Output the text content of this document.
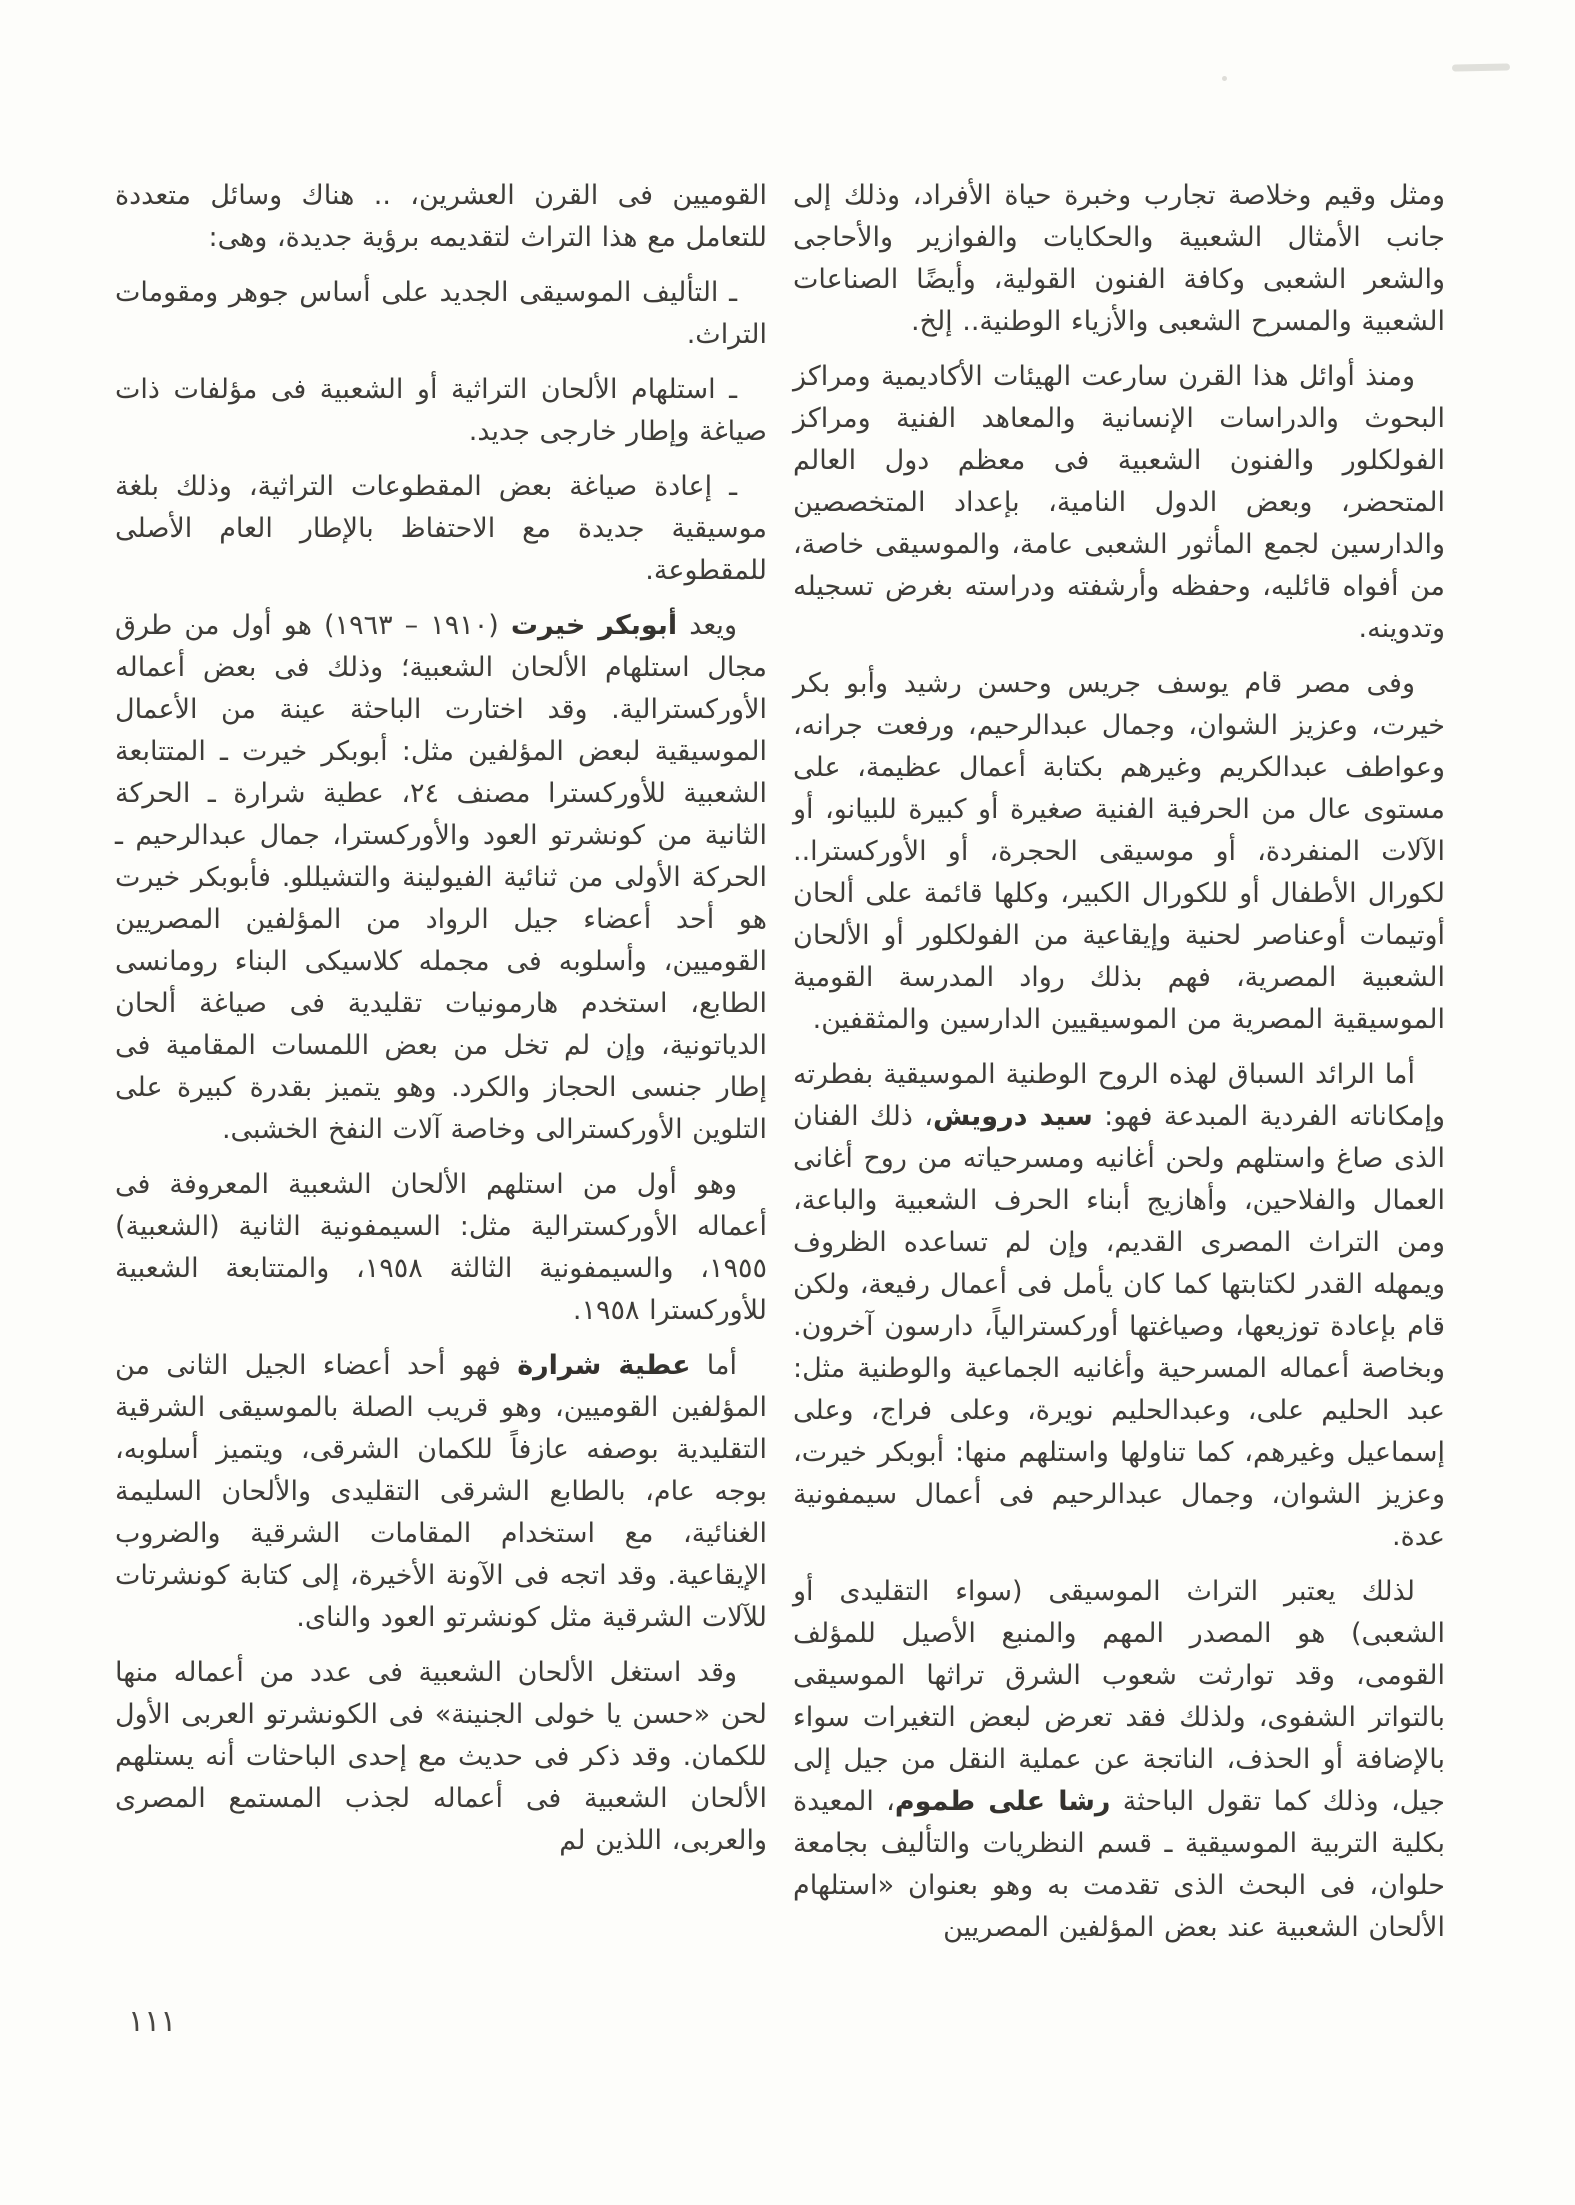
ومثل وقيم وخلاصة تجارب وخبرة حياة الأفراد، وذلك إلى جانب الأمثال الشعبية والحكايات والفوازير والأحاجى والشعر الشعبى وكافة الفنون القولية، وأيضًا الصناعات الشعبية والمسرح الشعبى والأزياء الوطنية.. إلخ.

ومنذ أوائل هذا القرن سارعت الهيئات الأكاديمية ومراكز البحوث والدراسات الإنسانية والمعاهد الفنية ومراكز الفولكلور والفنون الشعبية فى معظم دول العالم المتحضر، وبعض الدول النامية، بإعداد المتخصصين والدارسين لجمع المأثور الشعبى عامة، والموسيقى خاصة، من أفواه قائليه، وحفظه وأرشفته ودراسته بغرض تسجيله وتدوينه.

وفى مصر قام يوسف جريس وحسن رشيد وأبو بكر خيرت، وعزيز الشوان، وجمال عبدالرحيم، ورفعت جرانه، وعواطف عبدالكريم وغيرهم بكتابة أعمال عظيمة، على مستوى عال من الحرفية الفنية صغيرة أو كبيرة للبيانو، أو الآلات المنفردة، أو موسيقى الحجرة، أو الأوركسترا.. لكورال الأطفال أو للكورال الكبير، وكلها قائمة على ألحان أوتيمات أوعناصر لحنية وإيقاعية من الفولكلور أو الألحان الشعبية المصرية، فهم بذلك رواد المدرسة القومية الموسيقية المصرية من الموسيقيين الدارسين والمثقفين.

أما الرائد السباق لهذه الروح الوطنية الموسيقية بفطرته وإمكاناته الفردية المبدعة فهو: سيد درويش، ذلك الفنان الذى صاغ واستلهم ولحن أغانيه ومسرحياته من روح أغانى العمال والفلاحين، وأهازيج أبناء الحرف الشعبية والباعة، ومن التراث المصرى القديم، وإن لم تساعده الظروف ويمهله القدر لكتابتها كما كان يأمل فى أعمال رفيعة، ولكن قام بإعادة توزيعها، وصياغتها أوركسترالياً، دارسون آخرون. وبخاصة أعماله المسرحية وأغانيه الجماعية والوطنية مثل: عبد الحليم على، وعبدالحليم نويرة، وعلى فراج، وعلى إسماعيل وغيرهم، كما تناولها واستلهم منها: أبوبكر خيرت، وعزيز الشوان، وجمال عبدالرحيم فى أعمال سيمفونية عدة.

لذلك يعتبر التراث الموسيقى (سواء التقليدى أو الشعبى) هو المصدر المهم والمنبع الأصيل للمؤلف القومى، وقد توارثت شعوب الشرق تراثها الموسيقى بالتواتر الشفوى، ولذلك فقد تعرض لبعض التغيرات سواء بالإضافة أو الحذف، الناتجة عن عملية النقل من جيل إلى جيل، وذلك كما تقول الباحثة رشا على طموم، المعيدة بكلية التربية الموسيقية ـ قسم النظريات والتأليف بجامعة حلوان، فى البحث الذى تقدمت به وهو بعنوان «استلهام الألحان الشعبية عند بعض المؤلفين المصريين

القوميين فى القرن العشرين، .. هناك وسائل متعددة للتعامل مع هذا التراث لتقديمه برؤية جديدة، وهى:

ـ التأليف الموسيقى الجديد على أساس جوهر ومقومات التراث.

ـ استلهام الألحان التراثية أو الشعبية فى مؤلفات ذات صياغة وإطار خارجى جديد.

ـ إعادة صياغة بعض المقطوعات التراثية، وذلك بلغة موسيقية جديدة مع الاحتفاظ بالإطار العام الأصلى للمقطوعة.

ويعد أبوبكر خيرت (١٩١٠ – ١٩٦٣) هو أول من طرق مجال استلهام الألحان الشعبية؛ وذلك فى بعض أعماله الأوركسترالية. وقد اختارت الباحثة عينة من الأعمال الموسيقية لبعض المؤلفين مثل: أبوبكر خيرت ـ المتتابعة الشعبية للأوركسترا مصنف ٢٤، عطية شرارة ـ الحركة الثانية من كونشرتو العود والأوركسترا، جمال عبدالرحيم ـ الحركة الأولى من ثنائية الفيولينة والتشيللو. فأبوبكر خيرت هو أحد أعضاء جيل الرواد من المؤلفين المصريين القوميين، وأسلوبه فى مجمله كلاسيكى البناء رومانسى الطابع، استخدم هارمونيات تقليدية فى صياغة ألحان الدياتونية، وإن لم تخل من بعض اللمسات المقامية فى إطار جنسى الحجاز والكرد. وهو يتميز بقدرة كبيرة على التلوين الأوركسترالى وخاصة آلات النفخ الخشبى.

وهو أول من استلهم الألحان الشعبية المعروفة فى أعماله الأوركسترالية مثل: السيمفونية الثانية (الشعبية) ١٩٥٥، والسيمفونية الثالثة ١٩٥٨، والمتتابعة الشعبية للأوركسترا ١٩٥٨.

أما عطية شرارة فهو أحد أعضاء الجيل الثانى من المؤلفين القوميين، وهو قريب الصلة بالموسيقى الشرقية التقليدية بوصفه عازفاً للكمان الشرقى، ويتميز أسلوبه، بوجه عام، بالطابع الشرقى التقليدى والألحان السليمة الغنائية، مع استخدام المقامات الشرقية والضروب الإيقاعية. وقد اتجه فى الآونة الأخيرة، إلى كتابة كونشرتات للآلات الشرقية مثل كونشرتو العود والناى.

وقد استغل الألحان الشعبية فى عدد من أعماله منها لحن «حسن يا خولى الجنينة» فى الكونشرتو العربى الأول للكمان. وقد ذكر فى حديث مع إحدى الباحثات أنه يستلهم الألحان الشعبية فى أعماله لجذب المستمع المصرى والعربى، اللذين لم

١١١
